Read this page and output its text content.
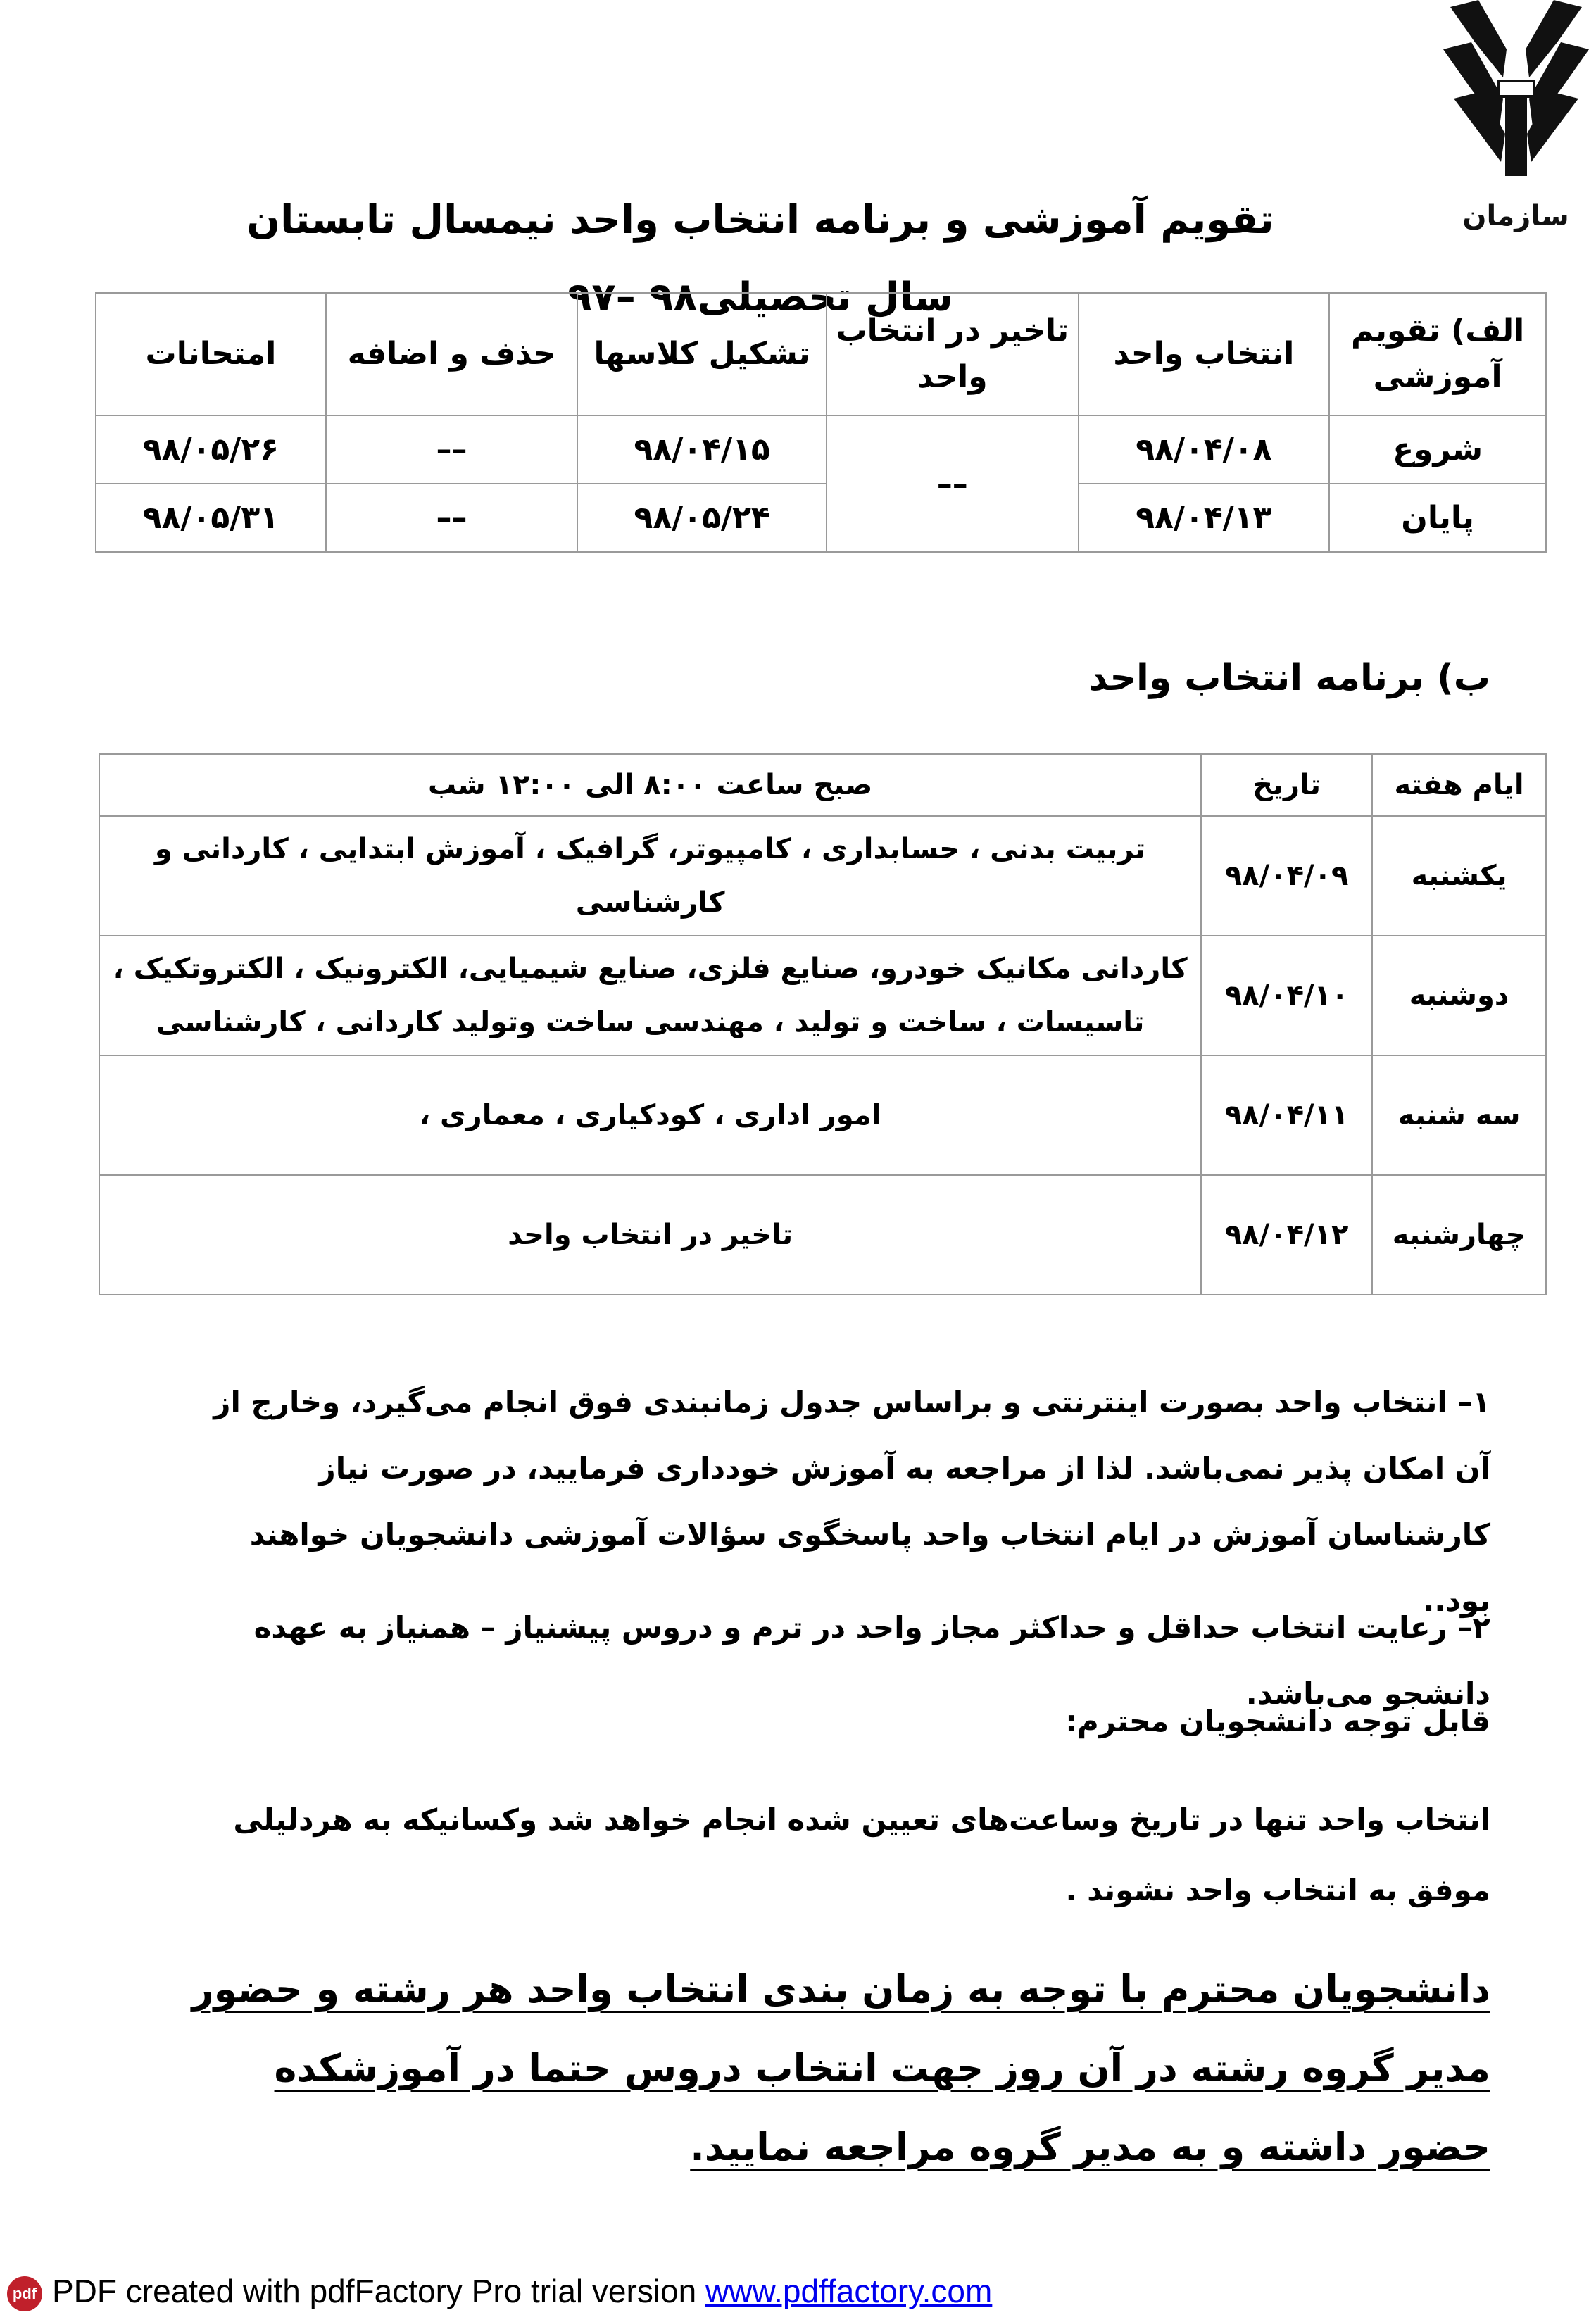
سازمان
تقویم آموزشی و برنامه انتخاب واحد نیمسال تابستان سال تحصیلی۹۸ –۹۷
الف) تقویم آموزشی	انتخاب واحد	تاخیر در انتخاب واحد	تشکیل کلاسها	حذف و اضافه	امتحانات
شروع	۹۸/۰۴/۰۸	––	۹۸/۰۴/۱۵	––	۹۸/۰۵/۲۶
پایان	۹۸/۰۴/۱۳		۹۸/۰۵/۲۴	––	۹۸/۰۵/۳۱
ب) برنامه انتخاب واحد
ایام هفته	تاریخ	صبح ساعت ۸:۰۰ الی ۱۲:۰۰ شب
یکشنبه	۹۸/۰۴/۰۹	تربیت بدنی ، حسابداری ، کامپیوتر، گرافیک ، آموزش ابتدایی ، کاردانی و کارشناسی
دوشنبه	۹۸/۰۴/۱۰	کاردانی مکانیک خودرو، صنایع فلزی، صنایع شیمیایی، الکترونیک ، الکتروتکیک ، تاسیسات ، ساخت و تولید ، مهندسی ساخت وتولید کاردانی ، کارشناسی
سه شنبه	۹۸/۰۴/۱۱	امور اداری ، کودکیاری ، معماری ،
چهارشنبه	۹۸/۰۴/۱۲	تاخیر در انتخاب واحد
۱– انتخاب واحد بصورت اینترنتی و براساس جدول زمانبندی فوق انجام می‌گیرد، وخارج از آن امکان پذیر نمی‌باشد. لذا از مراجعه به آموزش خودداری فرمایید، در صورت نیاز کارشناسان آموزش در ایام انتخاب واحد پاسخگوی سؤالات آموزشی دانشجویان خواهند بود..
۲– رعایت انتخاب حداقل و حداکثر مجاز واحد در ترم و دروس پیشنیاز – همنیاز به عهده دانشجو می‌باشد.
قابل توجه دانشجویان محترم:
انتخاب واحد تنها در تاریخ وساعت‌های تعیین شده انجام خواهد شد وکسانیکه به هردلیلی موفق به انتخاب واحد نشوند .
دانشجویان محترم با توجه به زمان بندی انتخاب واحد هر رشته و حضور مدیر گروه رشته در آن روز جهت انتخاب دروس حتما در آموزشکده حضور داشته و به مدیر گروه مراجعه نمایید.
pdf PDF created with pdfFactory Pro trial version www.pdffactory.com
